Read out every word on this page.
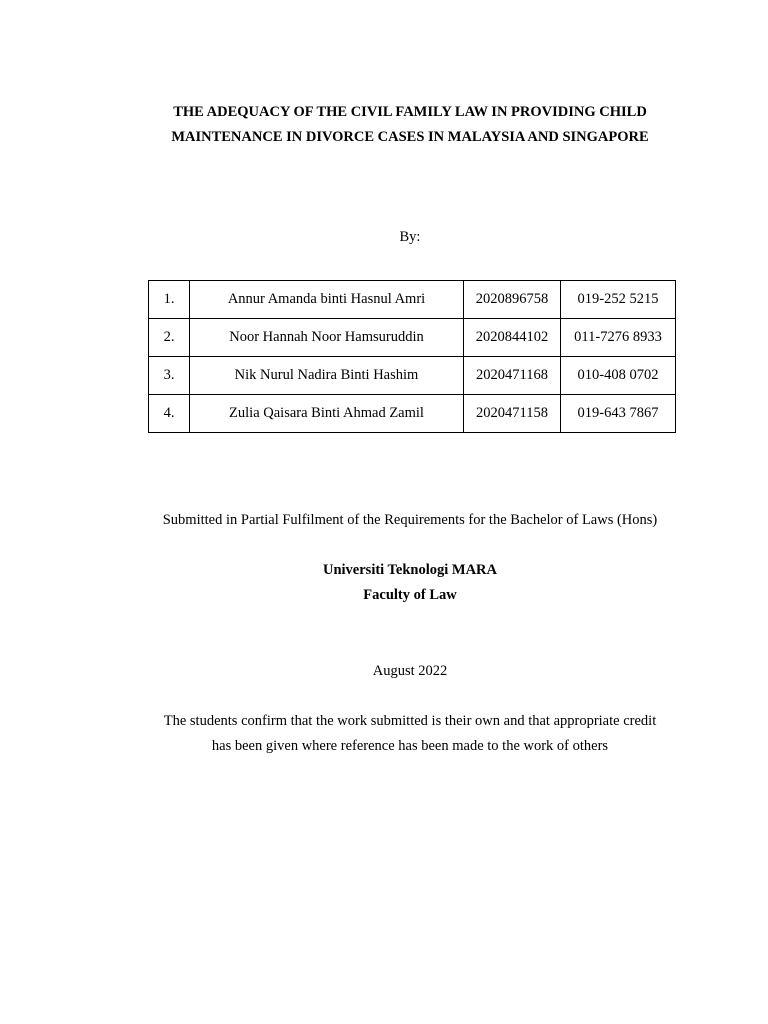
THE ADEQUACY OF THE CIVIL FAMILY LAW IN PROVIDING CHILD
MAINTENANCE IN DIVORCE CASES IN MALAYSIA AND SINGAPORE
By:
1.	Annur Amanda binti Hasnul Amri	2020896758	019-252 5215
2.	Noor Hannah Noor Hamsuruddin	2020844102	011-7276 8933
3.	Nik Nurul Nadira Binti Hashim	2020471168	010-408 0702
4.	Zulia Qaisara Binti Ahmad Zamil	2020471158	019-643 7867
Submitted in Partial Fulfilment of the Requirements for the Bachelor of Laws (Hons)
Universiti Teknologi MARA
Faculty of Law
August 2022
The students confirm that the work submitted is their own and that appropriate credit
has been given where reference has been made to the work of others
